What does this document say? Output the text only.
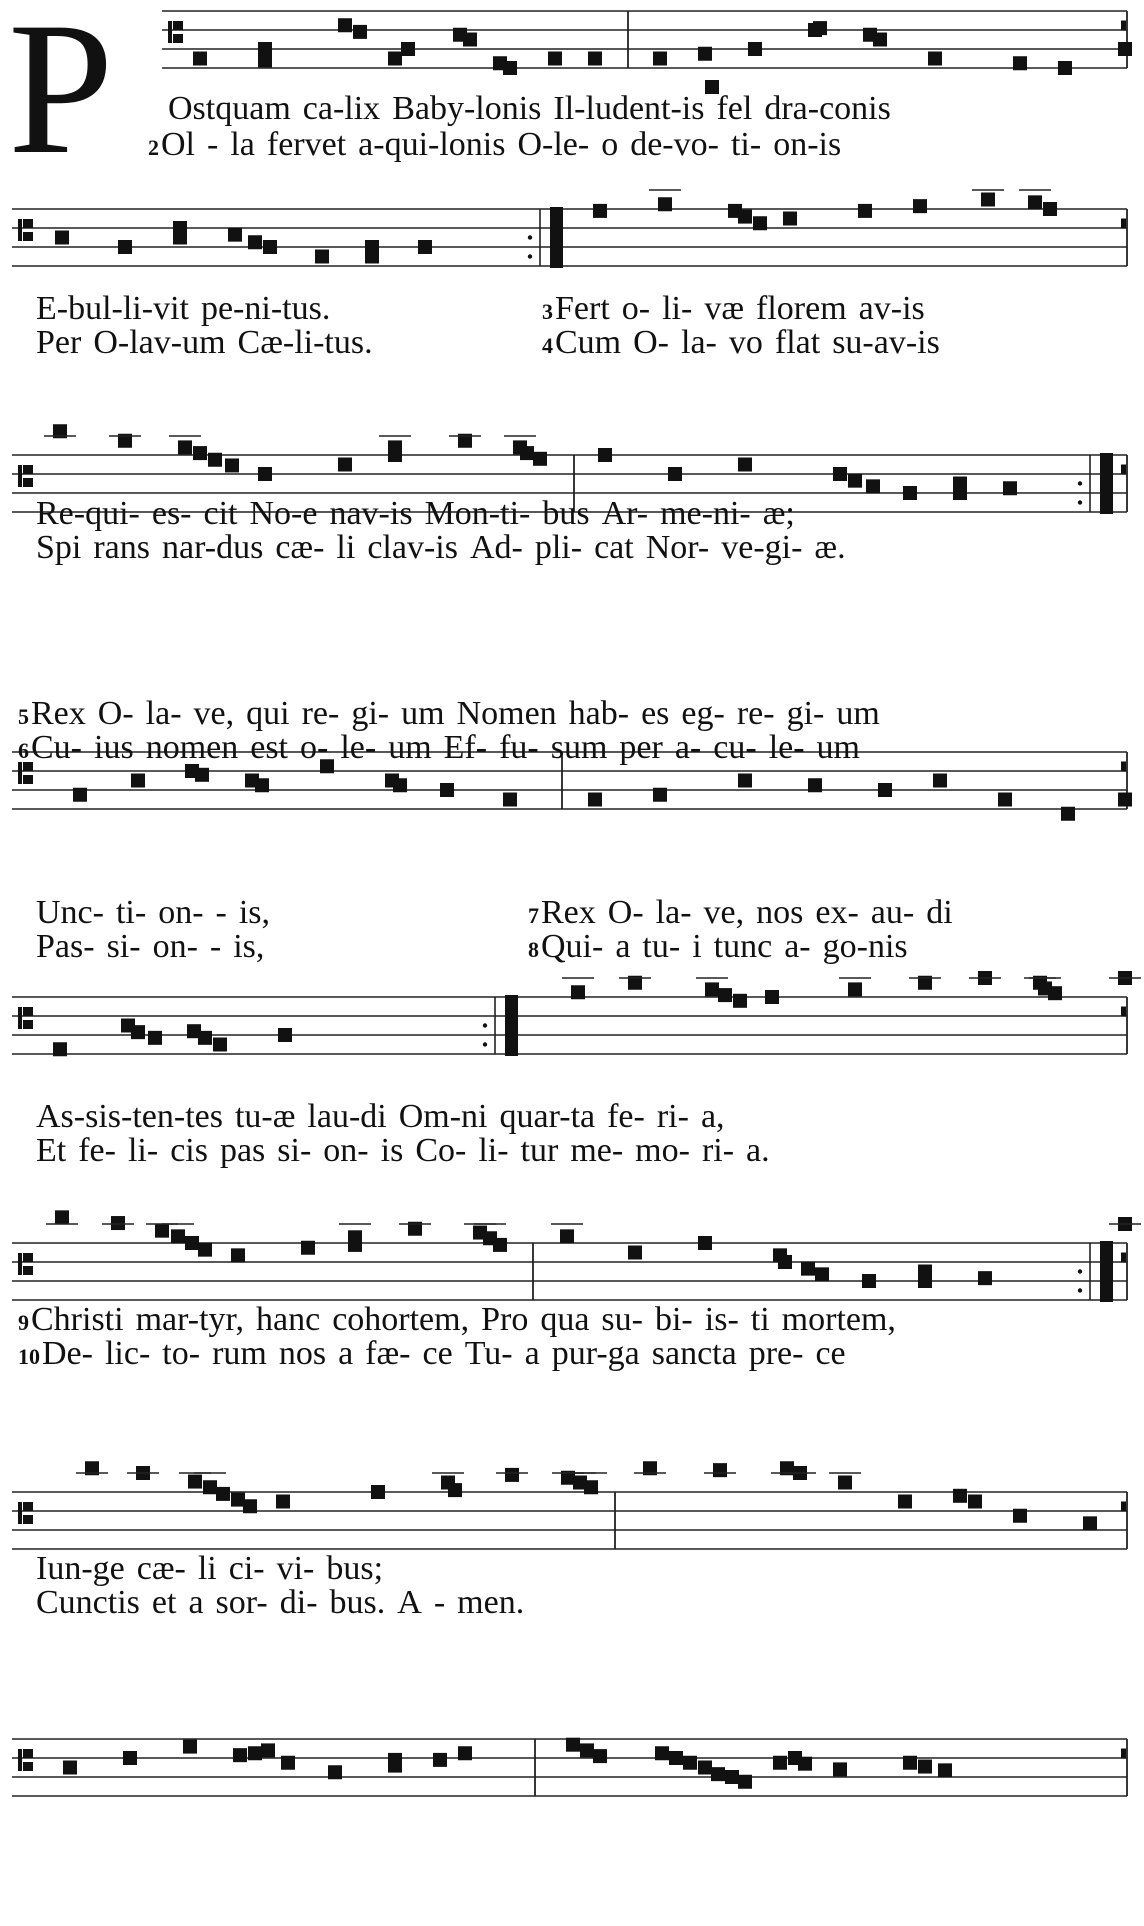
P Ostquam ca-lix Baby-lonis Il-ludent-is fel dra-conis
2Ol - la fervet a-qui-lonis O-le- o de-vo- ti- on-is
E-bul-li-vit pe-ni-tus.	3Fert o- li- væ florem av-is
Per O-lav-um Cæ-li-tus.	4Cum O- la- vo flat su-av-is
Re-qui- es- cit No-e nav-is Mon-ti- bus Ar- me-ni- æ;
Spi rans nar-dus cæ- li clav-is Ad- pli- cat Nor- ve-gi- æ.
5Rex O- la- ve, qui re- gi- um Nomen hab- es eg- re- gi- um
6Cu- ius nomen est o- le- um Ef- fu- sum per a- cu- le- um
Unc- ti- on- - is,	7Rex O- la- ve, nos ex- au- di
Pas- si- on- - is,	8Qui- a tu- i tunc a- go-nis
As-sis-ten-tes tu-æ lau-di Om-ni quar-ta fe- ri- a,
Et fe- li- cis pas si- on- is Co- li- tur me- mo- ri- a.
9Christi mar-tyr, hanc cohortem, Pro qua su- bi- is- ti mortem,
10De- lic- to- rum nos a fæ- ce Tu- a pur-ga sancta pre- ce
Iun-ge cæ- li ci- vi- bus;
Cunctis et a sor- di- bus. A - men.
